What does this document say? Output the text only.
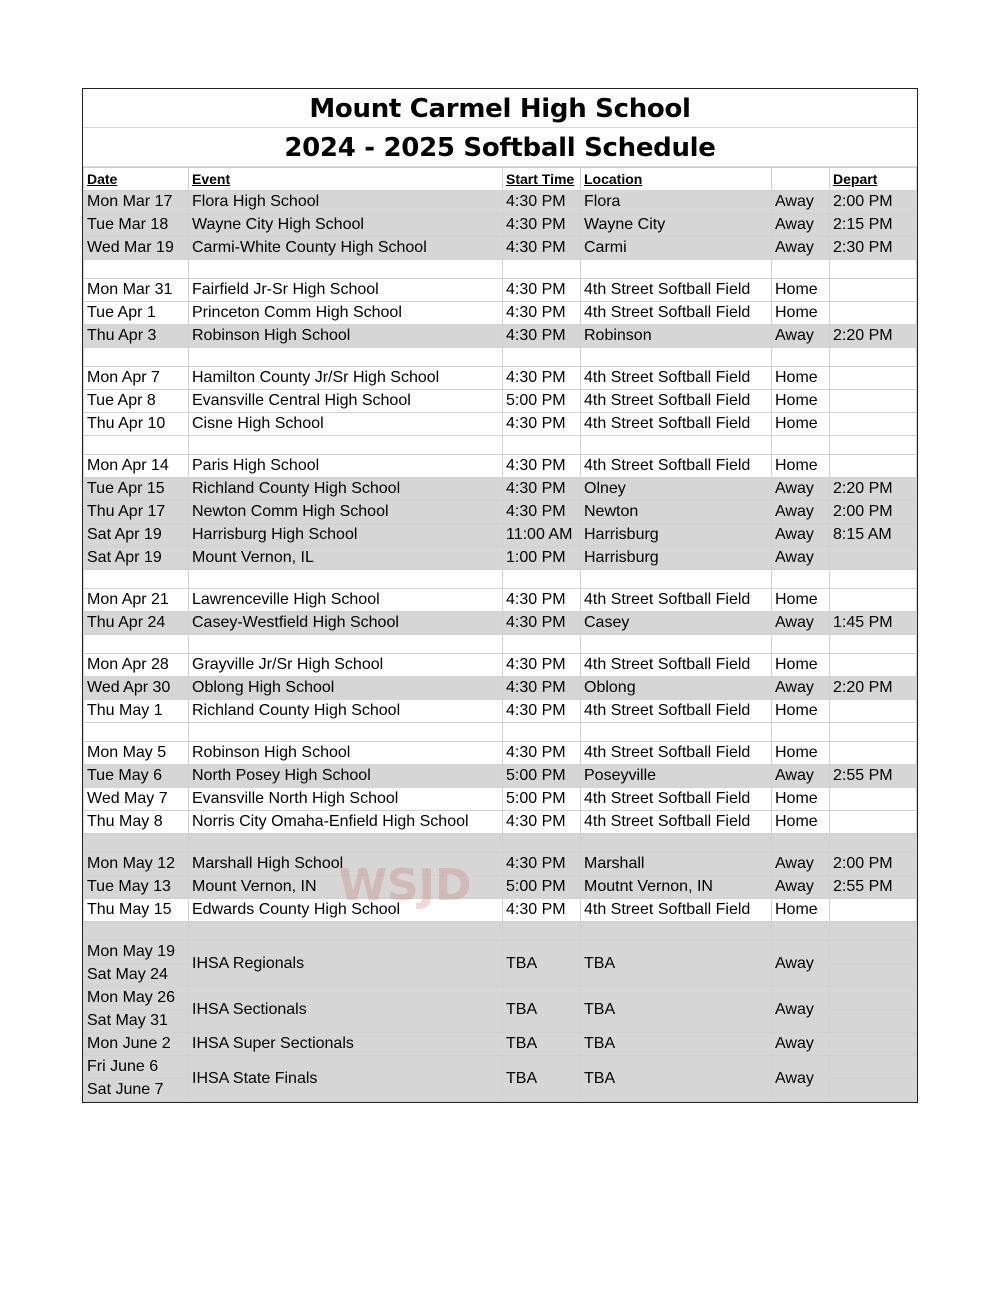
Mount Carmel High School
2024 - 2025 Softball Schedule
Date	Event	Start Time	Location		Depart
Mon Mar 17	Flora High School	4:30 PM	Flora	Away	2:00 PM
Tue Mar 18	Wayne City High School	4:30 PM	Wayne City	Away	2:15 PM
Wed Mar 19	Carmi-White County High School	4:30 PM	Carmi	Away	2:30 PM

Mon Mar 31	Fairfield Jr-Sr High School	4:30 PM	4th Street Softball Field	Home	
Tue Apr 1	Princeton Comm High School	4:30 PM	4th Street Softball Field	Home	
Thu Apr 3	Robinson High School	4:30 PM	Robinson	Away	2:20 PM

Mon Apr 7	Hamilton County Jr/Sr High School	4:30 PM	4th Street Softball Field	Home	
Tue Apr 8	Evansville Central High School	5:00 PM	4th Street Softball Field	Home	
Thu Apr 10	Cisne High School	4:30 PM	4th Street Softball Field	Home	

Mon Apr 14	Paris High School	4:30 PM	4th Street Softball Field	Home	
Tue Apr 15	Richland County High School	4:30 PM	Olney	Away	2:20 PM
Thu Apr 17	Newton Comm High School	4:30 PM	Newton	Away	2:00 PM
Sat Apr 19	Harrisburg High School	11:00 AM	Harrisburg	Away	8:15 AM
Sat Apr 19	Mount Vernon, IL	1:00 PM	Harrisburg	Away	

Mon Apr 21	Lawrenceville High School	4:30 PM	4th Street Softball Field	Home	
Thu Apr 24	Casey-Westfield High School	4:30 PM	Casey	Away	1:45 PM

Mon Apr 28	Grayville Jr/Sr High School	4:30 PM	4th Street Softball Field	Home	
Wed Apr 30	Oblong High School	4:30 PM	Oblong	Away	2:20 PM
Thu May 1	Richland County High School	4:30 PM	4th Street Softball Field	Home	

Mon May 5	Robinson High School	4:30 PM	4th Street Softball Field	Home	
Tue May 6	North Posey High School	5:00 PM	Poseyville	Away	2:55 PM
Wed May 7	Evansville North High School	5:00 PM	4th Street Softball Field	Home	
Thu May 8	Norris City Omaha-Enfield High School	4:30 PM	4th Street Softball Field	Home	

Mon May 12	Marshall High School	4:30 PM	Marshall	Away	2:00 PM
Tue May 13	Mount Vernon, IN	5:00 PM	Moutnt Vernon, IN	Away	2:55 PM
Thu May 15	Edwards County High School	4:30 PM	4th Street Softball Field	Home	

Mon May 19	IHSA Regionals	TBA	TBA	Away	
Sat May 24					
Mon May 26	IHSA Sectionals	TBA	TBA	Away	
Sat May 31					
Mon June 2	IHSA Super Sectionals	TBA	TBA	Away	
Fri June 6	IHSA State Finals	TBA	TBA	Away	
Sat June 7					
